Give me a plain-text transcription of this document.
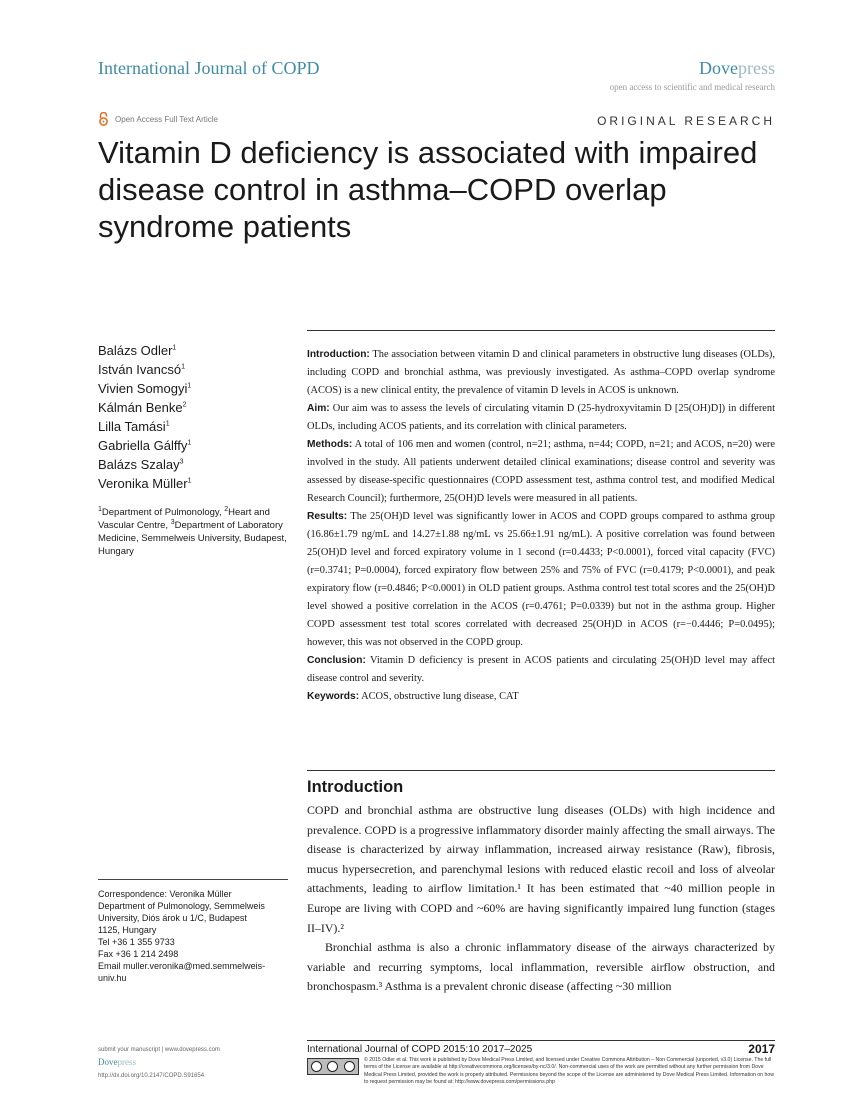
International Journal of COPD	Dovepress
open access to scientific and medical research
Open Access Full Text Article	ORIGINAL RESEARCH
Vitamin D deficiency is associated with impaired disease control in asthma–COPD overlap syndrome patients
Balázs Odler$^1$
István Ivancsó$^1$
Vivien Somogyi$^1$
Kálmán Benke$^2$
Lilla Tamási$^1$
Gabriella Gálffy$^1$
Balázs Szalay$^3$
Veronika Müller$^1$
$^1$Department of Pulmonology, $^2$Heart and Vascular Centre, $^3$Department of Laboratory Medicine, Semmelweis University, Budapest, Hungary
Correspondence: Veronika Müller
Department of Pulmonology, Semmelweis
University, Diós árok u 1/C, Budapest
1125, Hungary
Tel +36 1 355 9733
Fax +36 1 214 2498
Email muller.veronika@med.semmelweis-
univ.hu

Introduction: The association between vitamin D and clinical parameters in obstructive lung diseases (OLDs), including COPD and bronchial asthma, was previously investigated. As asthma–COPD overlap syndrome (ACOS) is a new clinical entity, the prevalence of vitamin D levels in ACOS is unknown.

Aim: Our aim was to assess the levels of circulating vitamin D (25-hydroxyvitamin D [25(OH)D]) in different OLDs, including ACOS patients, and its correlation with clinical parameters.

Methods: A total of 106 men and women (control, n=21; asthma, n=44; COPD, n=21; and ACOS, n=20) were involved in the study. All patients underwent detailed clinical examinations; disease control and severity was assessed by disease-specific questionnaires (COPD assessment test, asthma control test, and modified Medical Research Council); furthermore, 25(OH)D levels were measured in all patients.

Results: The 25(OH)D level was significantly lower in ACOS and COPD groups compared to asthma group (16.86±1.79 ng/mL and 14.27±1.88 ng/mL vs 25.66±1.91 ng/mL). A positive correlation was found between 25(OH)D level and forced expiratory volume in 1 second (r=0.4433; P<0.0001), forced vital capacity (FVC) (r=0.3741; P=0.0004), forced expiratory flow between 25% and 75% of FVC (r=0.4179; P<0.0001), and peak expiratory flow (r=0.4846; P<0.0001) in OLD patient groups. Asthma control test total scores and the 25(OH)D level showed a positive correlation in the ACOS (r=0.4761; P=0.0339) but not in the asthma group. Higher COPD assessment test total scores correlated with decreased 25(OH)D in ACOS (r=−0.4446; P=0.0495); however, this was not observed in the COPD group.

Conclusion: Vitamin D deficiency is present in ACOS patients and circulating 25(OH)D level may affect disease control and severity.

Keywords: ACOS, obstructive lung disease, CAT

Introduction

COPD and bronchial asthma are obstructive lung diseases (OLDs) with high incidence and prevalence. COPD is a progressive inflammatory disorder mainly affecting the small airways. The disease is characterized by airway inflammation, increased airway resistance (Raw), fibrosis, mucus hypersecretion, and parenchymal lesions with reduced elastic recoil and loss of alveolar attachments, leading to airflow limitation.¹ It has been estimated that ~40 million people in Europe are living with COPD and ~60% are having significantly impaired lung function (stages II–IV).²

Bronchial asthma is also a chronic inflammatory disease of the airways characterized by variable and recurring symptoms, local inflammation, reversible airflow obstruction, and bronchospasm.³ Asthma is a prevalent chronic disease (affecting ~30 million

submit your manuscript | www.dovepress.com
Dovepress
http://dx.doi.org/10.2147/COPD.S91654
International Journal of COPD 2015:10 2017–2025	2017
© 2015 Odler et al. This work is published by Dove Medical Press Limited, and licensed under Creative Commons Attribution – Non Commercial (unported, v3.0) License. The full terms of the License are available at http://creativecommons.org/licenses/by-nc/3.0/. Non-commercial uses of the work are permitted without any further permission from Dove Medical Press Limited, provided the work is properly attributed. Permissions beyond the scope of the License are administered by Dove Medical Press Limited. Information on how to request permission may be found at: http://www.dovepress.com/permissions.php
